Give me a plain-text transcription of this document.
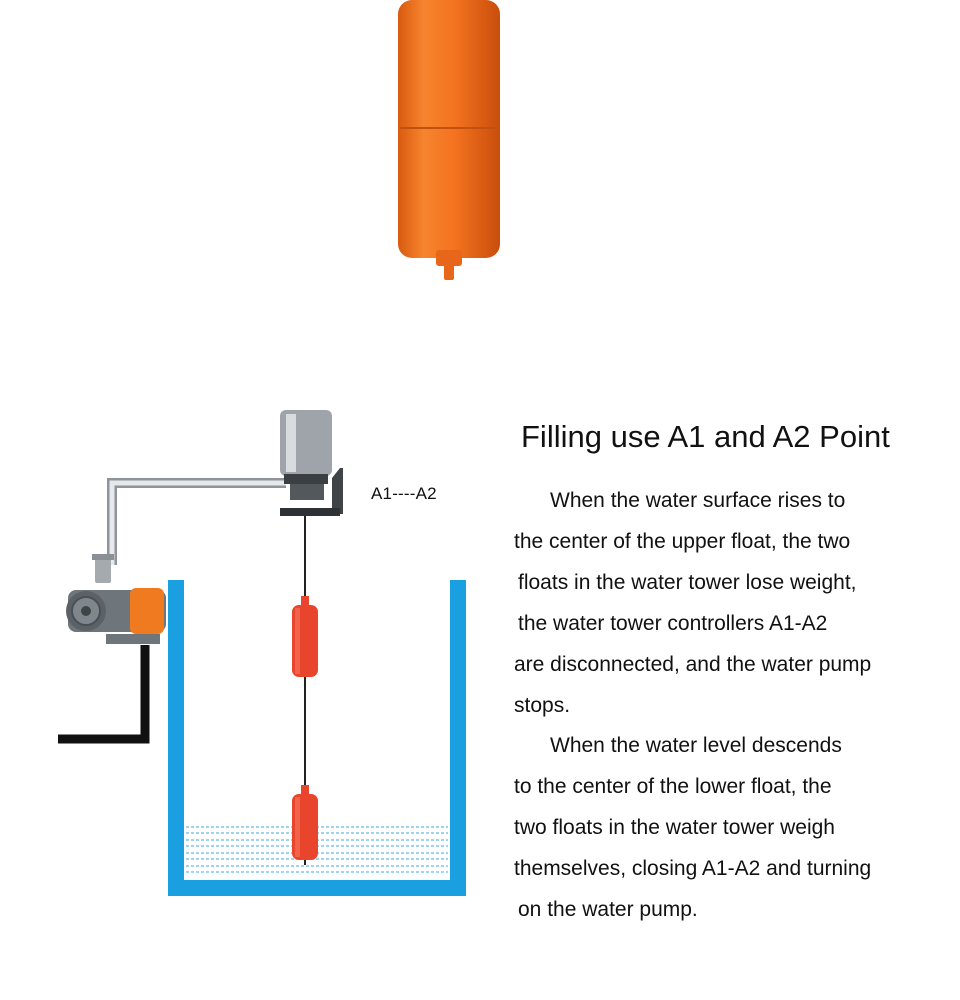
A1----A2
Filling use A1 and A2 Point
When the water surface rises to
the center of the upper float, the two
floats in the water tower lose weight,
the water tower controllers A1-A2
are disconnected, and the water pump
stops.
When the water level descends
to the center of the lower float, the
two floats in the water tower weigh
themselves, closing A1-A2 and turning
on the water pump.
